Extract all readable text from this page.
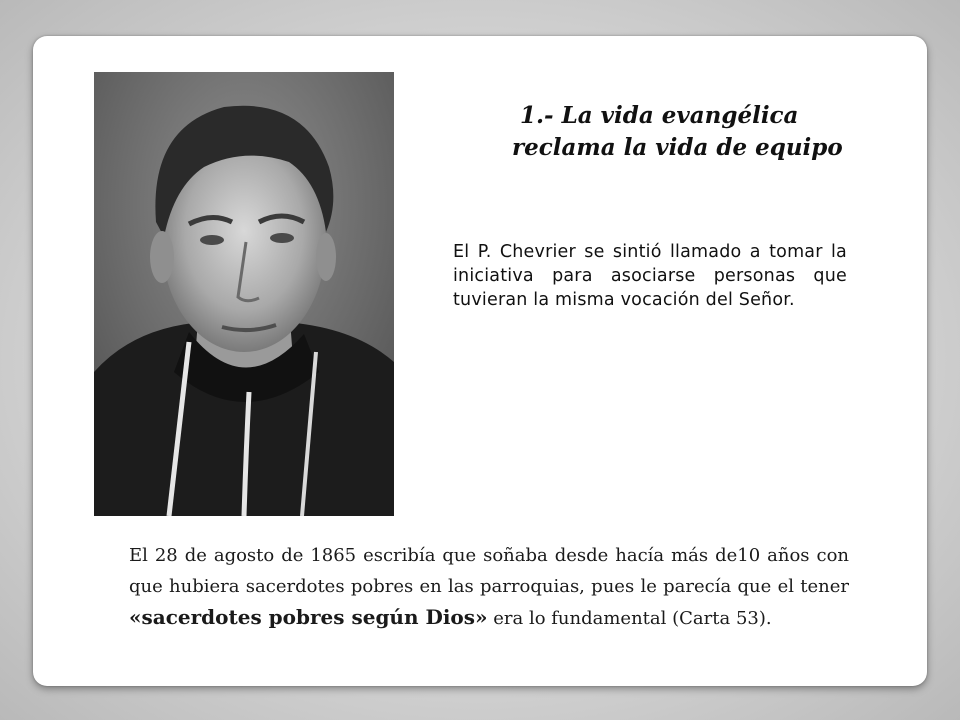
1.- La vida evangélica
reclama la vida de equipo
El P. Chevrier se sintió llamado a tomar la iniciativa para asociarse personas que tuvieran la misma vocación del Señor.
El 28 de agosto de 1865 escribía que soñaba desde hacía más de10 años con que hubiera sacerdotes pobres en las parroquias, pues le parecía que el tener «sacerdotes pobres según Dios» era lo fundamental (Carta 53).
